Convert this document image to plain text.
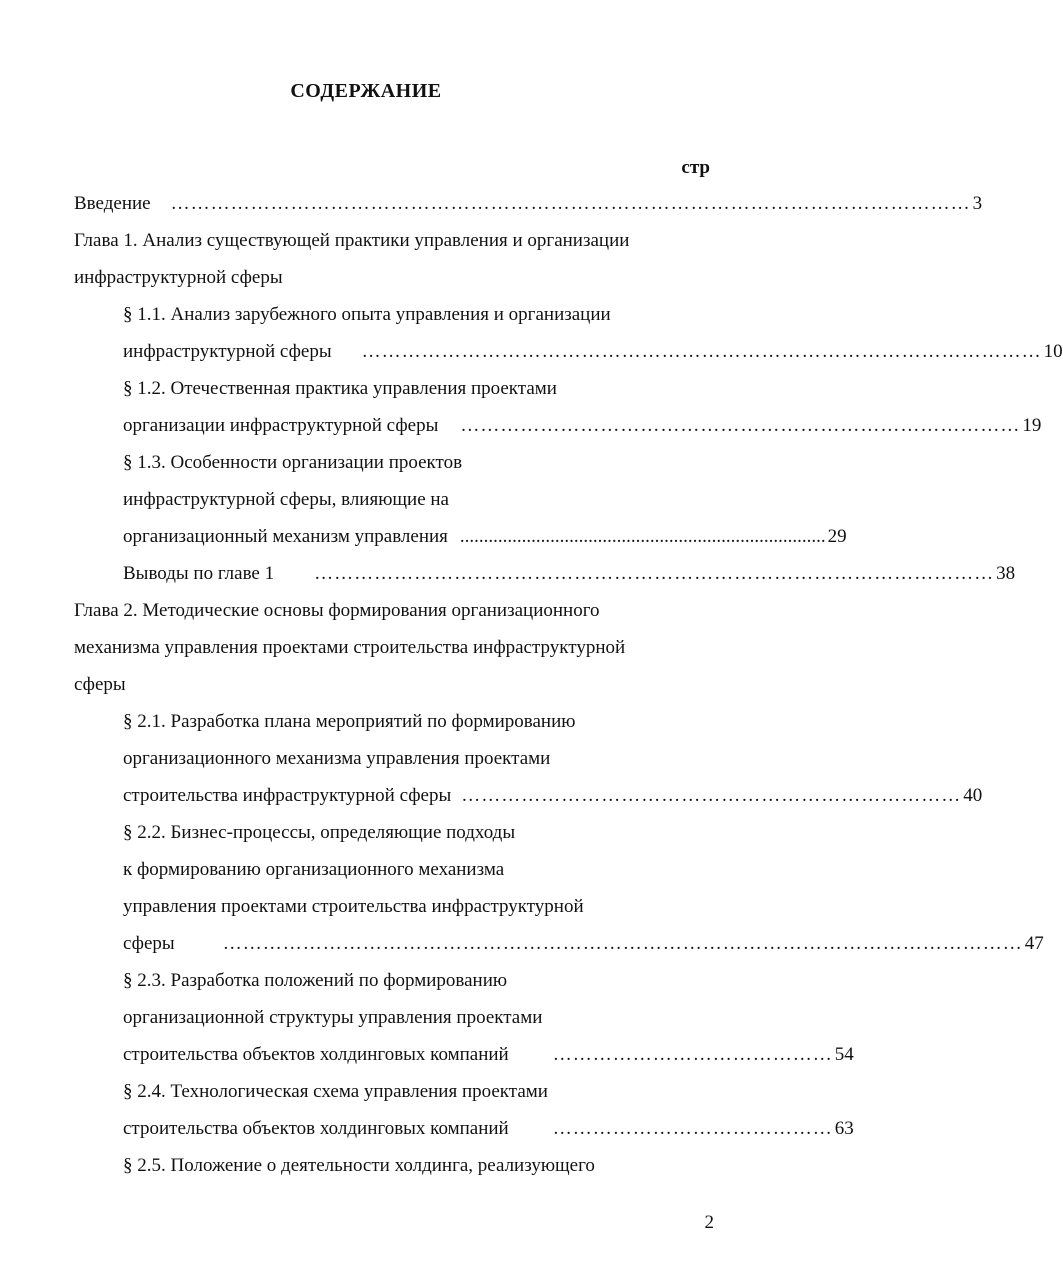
СОДЕРЖАНИЕ
стр
Введение ………………………………………………………………………………………………………… 3
Глава 1. Анализ существующей практики управления и организации
инфраструктурной сферы
§ 1.1. Анализ зарубежного опыта управления и организации
инфраструктурной сферы ………………………………………………………………………………………… 10
§ 1.2. Отечественная практика управления проектами
организации инфраструктурной сферы ………………………………………………………………………… 19
§ 1.3. Особенности организации проектов
инфраструктурной сферы, влияющие на
организационный механизм управления ............................................................................. 29
Выводы по главе 1 ………………………………………………………………………………………… 38
Глава 2. Методические основы формирования организационного
механизма управления проектами строительства инфраструктурной
сферы
§ 2.1. Разработка плана мероприятий по формированию
организационного механизма управления проектами
строительства инфраструктурной сферы ………………………………………………………………… 40
§ 2.2. Бизнес-процессы, определяющие подходы
к формированию организационного механизма
управления проектами строительства инфраструктурной
сферы	………………………………………………………………………………………………………… 47
§ 2.3. Разработка положений по формированию
организационной структуры управления проектами
строительства объектов холдинговых компаний …………………………………… 54
§ 2.4. Технологическая схема управления проектами
строительства объектов холдинговых компаний …………………………………… 63
§ 2.5. Положение о деятельности холдинга, реализующего
2
